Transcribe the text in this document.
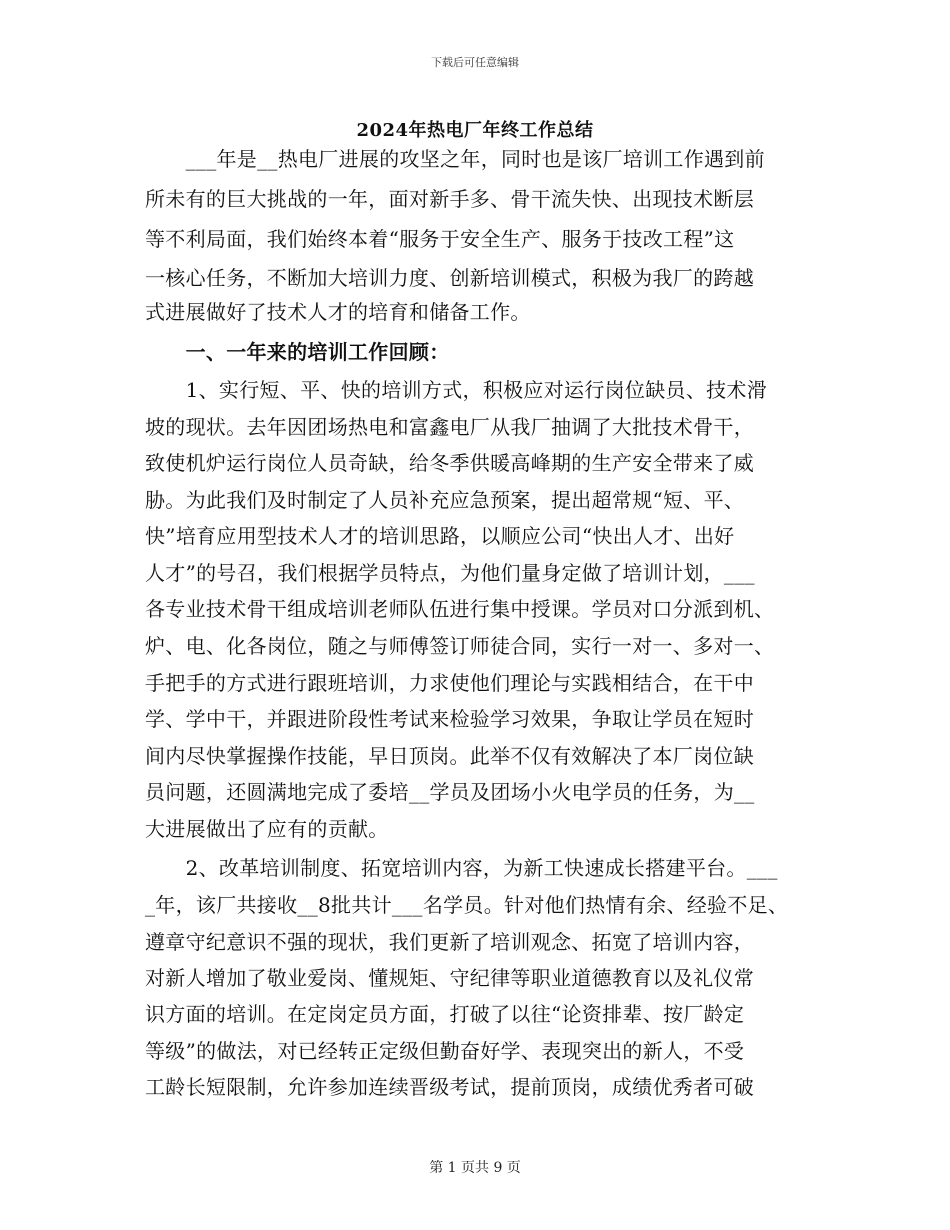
下载后可任意编辑
2024年热电厂年终工作总结
　　___年是__热电厂进展的攻坚之年，同时也是该厂培训工作遇到前
所未有的巨大挑战的一年，面对新手多、骨干流失快、出现技术断层
等不利局面，我们始终本着“服务于安全生产、服务于技改工程”这
一核心任务，不断加大培训力度、创新培训模式，积极为我厂的跨越
式进展做好了技术人才的培育和储备工作。
　　一、一年来的培训工作回顾：
　　1、实行短、平、快的培训方式，积极应对运行岗位缺员、技术滑
坡的现状。去年因团场热电和富鑫电厂从我厂抽调了大批技术骨干，
致使机炉运行岗位人员奇缺，给冬季供暖高峰期的生产安全带来了威
胁。为此我们及时制定了人员补充应急预案，提出超常规“短、平、
快”培育应用型技术人才的培训思路，以顺应公司“快出人才、出好
人才”的号召，我们根据学员特点，为他们量身定做了培训计划，___
各专业技术骨干组成培训老师队伍进行集中授课。学员对口分派到机、
炉、电、化各岗位，随之与师傅签订师徒合同，实行一对一、多对一、
手把手的方式进行跟班培训，力求使他们理论与实践相结合，在干中
学、学中干，并跟进阶段性考试来检验学习效果，争取让学员在短时
间内尽快掌握操作技能，早日顶岗。此举不仅有效解决了本厂岗位缺
员问题，还圆满地完成了委培__学员及团场小火电学员的任务，为__
大进展做出了应有的贡献。
　　2、改革培训制度、拓宽培训内容，为新工快速成长搭建平台。___
_年，该厂共接收__8批共计___名学员。针对他们热情有余、经验不足、
遵章守纪意识不强的现状，我们更新了培训观念、拓宽了培训内容，
对新人增加了敬业爱岗、懂规矩、守纪律等职业道德教育以及礼仪常
识方面的培训。在定岗定员方面，打破了以往“论资排辈、按厂龄定
等级”的做法，对已经转正定级但勤奋好学、表现突出的新人，不受
工龄长短限制，允许参加连续晋级考试，提前顶岗，成绩优秀者可破
第 1 页共 9 页
